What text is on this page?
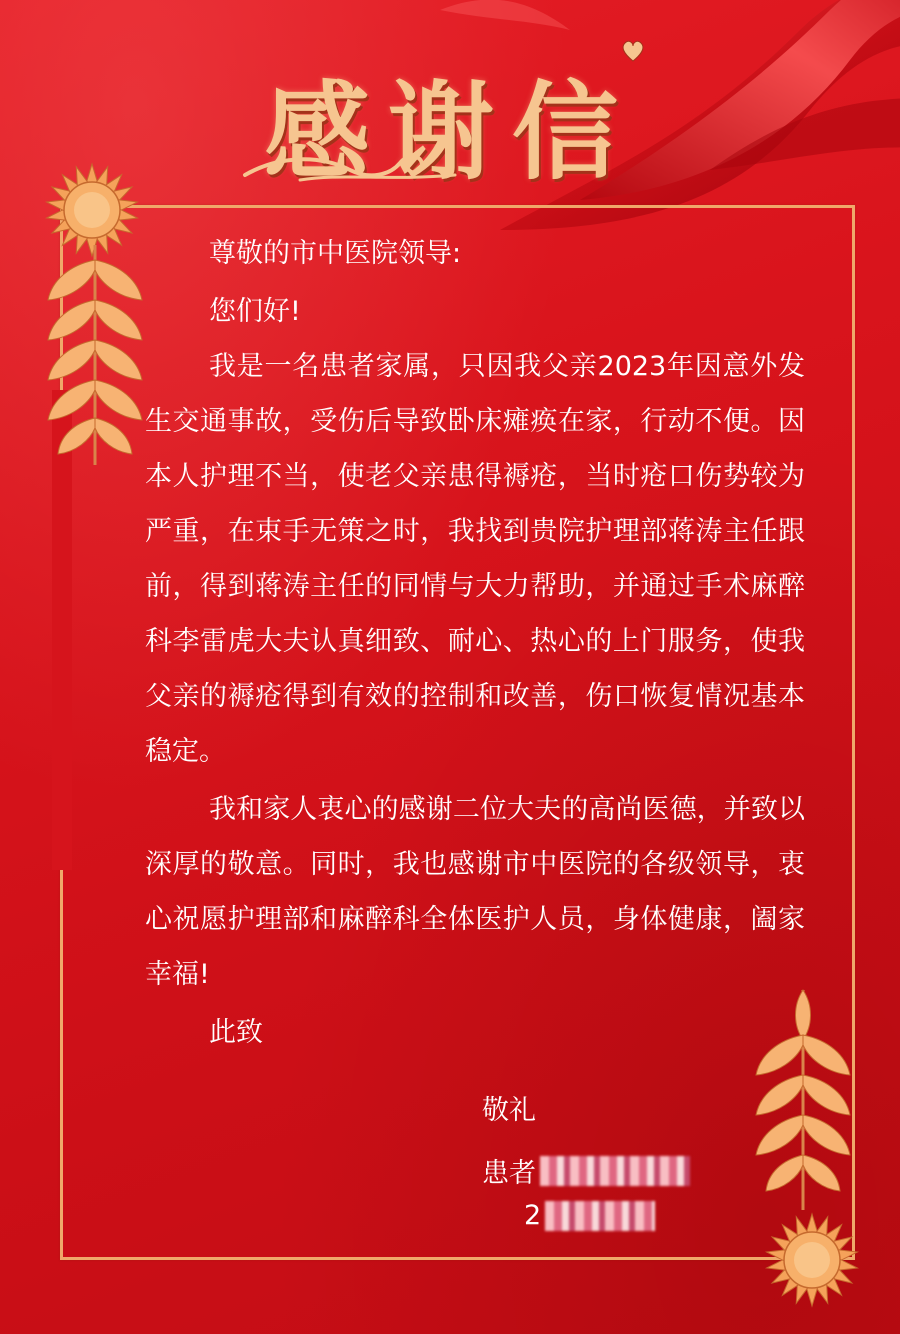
感谢信

尊敬的市中医院领导:

您们好!

我是一名患者家属，只因我父亲2023年因意外发生交通事故，受伤后导致卧床瘫痪在家，行动不便。因本人护理不当，使老父亲患得褥疮，当时疮口伤势较为严重，在束手无策之时，我找到贵院护理部蒋涛主任跟前，得到蒋涛主任的同情与大力帮助，并通过手术麻醉科李雷虎大夫认真细致、耐心、热心的上门服务，使我父亲的褥疮得到有效的控制和改善，伤口恢复情况基本稳定。

我和家人衷心的感谢二位大夫的高尚医德，并致以深厚的敬意。同时，我也感谢市中医院的各级领导，衷心祝愿护理部和麻醉科全体医护人员，身体健康，阖家幸福!

此致

敬礼
患者
2
